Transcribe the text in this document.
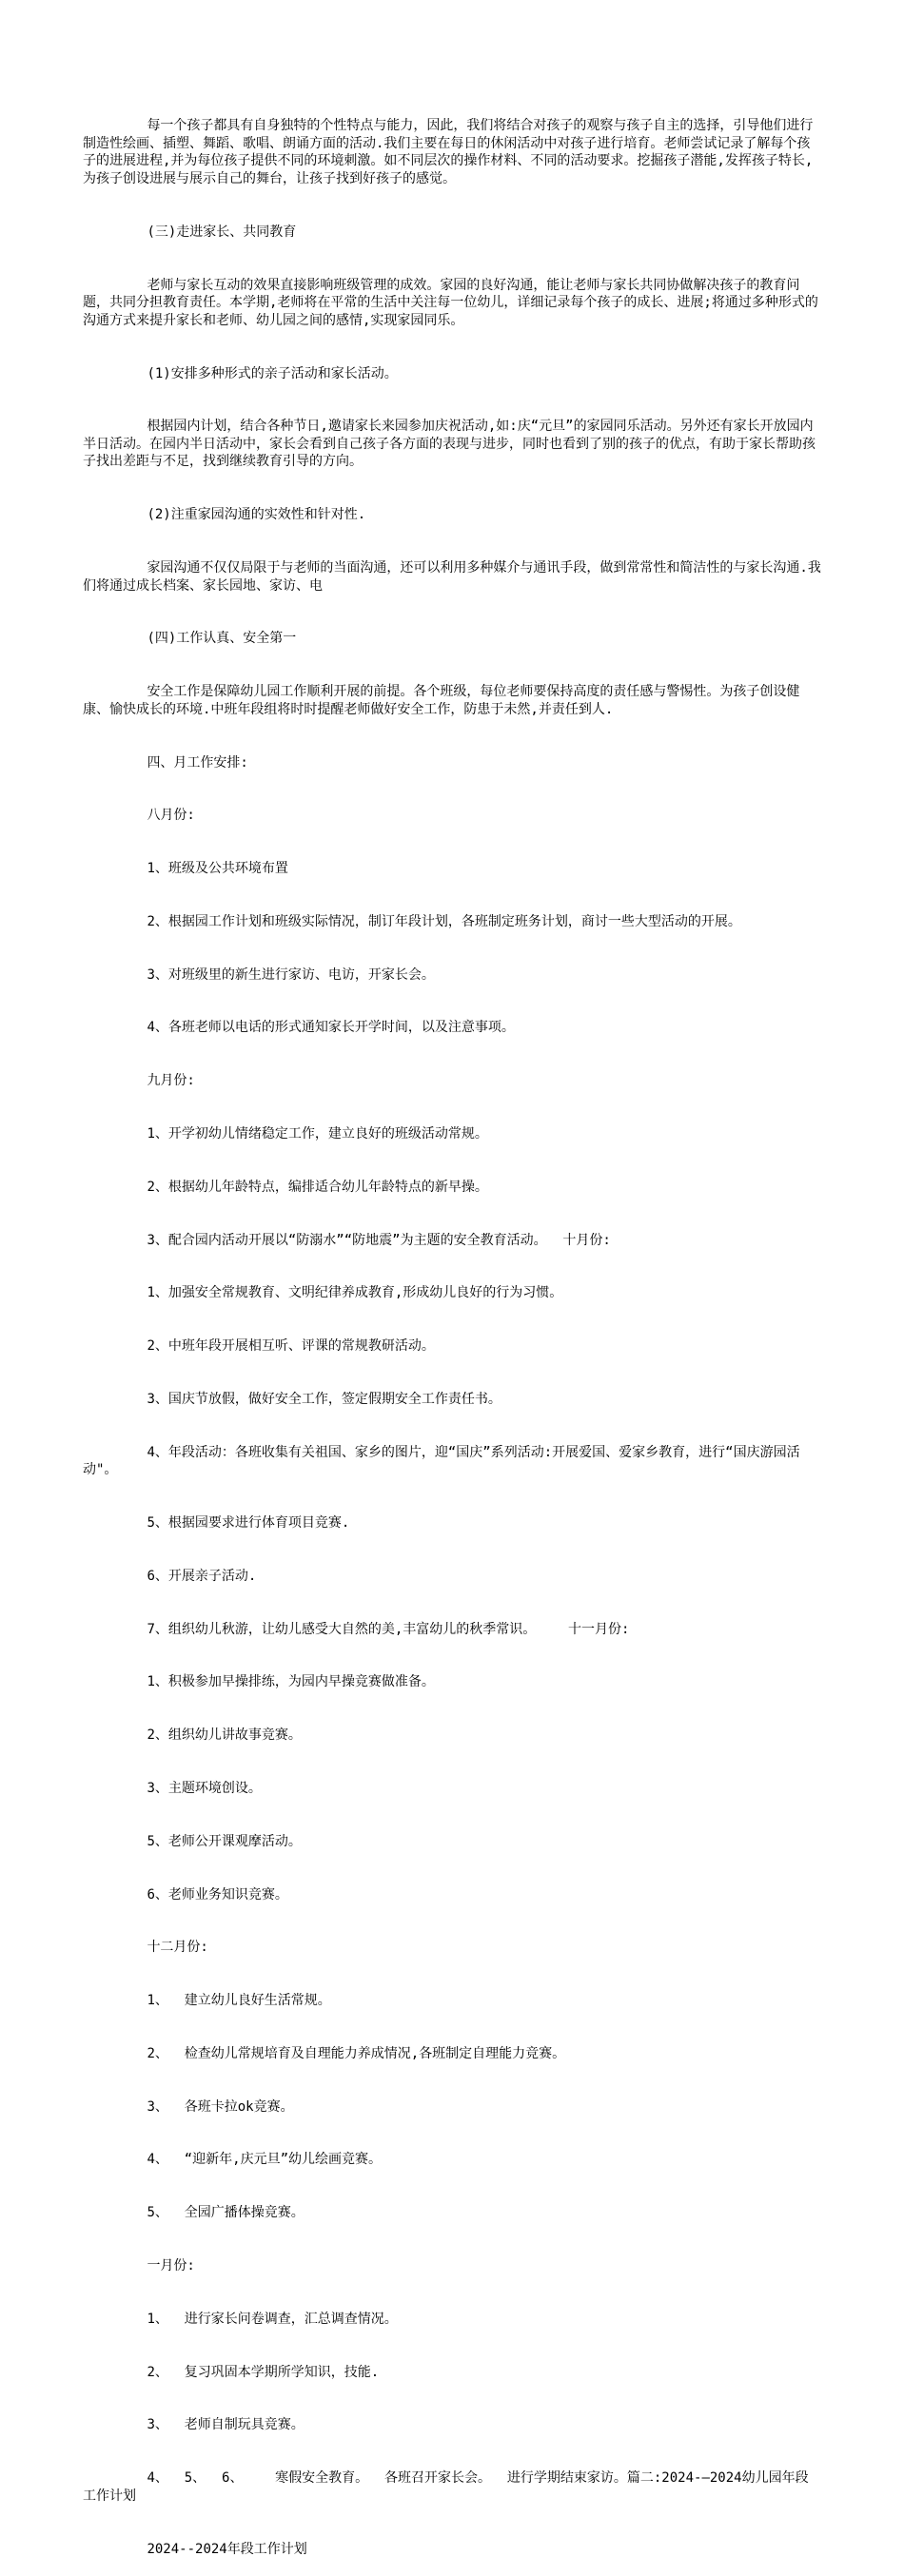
每一个孩子都具有自身独特的个性特点与能力，因此，我们将结合对孩子的观察与孩子自主的选择，引导他们进行制造性绘画、插塑、舞蹈、歌唱、朗诵方面的活动.我们主要在每日的休闲活动中对孩子进行培育。老师尝试记录了解每个孩子的进展进程,并为每位孩子提供不同的环境刺激。如不同层次的操作材料、不同的活动要求。挖掘孩子潜能,发挥孩子特长,为孩子创设进展与展示自己的舞台，让孩子找到好孩子的感觉。

(三)走进家长、共同教育

老师与家长互动的效果直接影响班级管理的成效。家园的良好沟通，能让老师与家长共同协做解决孩子的教育问题，共同分担教育责任。本学期,老师将在平常的生活中关注每一位幼儿，详细记录每个孩子的成长、进展;将通过多种形式的沟通方式来提升家长和老师、幼儿园之间的感情,实现家园同乐。

(1)安排多种形式的亲子活动和家长活动。

根据园内计划，结合各种节日,邀请家长来园参加庆祝活动,如:庆“元旦”的家园同乐活动。另外还有家长开放园内半日活动。在园内半日活动中，家长会看到自己孩子各方面的表现与进步，同时也看到了别的孩子的优点，有助于家长帮助孩子找出差距与不足，找到继续教育引导的方向。

(2)注重家园沟通的实效性和针对性.

家园沟通不仅仅局限于与老师的当面沟通，还可以利用多种媒介与通讯手段，做到常常性和简洁性的与家长沟通.我们将通过成长档案、家长园地、家访、电

(四)工作认真、安全第一

安全工作是保障幼儿园工作顺利开展的前提。各个班级，每位老师要保持高度的责任感与警惕性。为孩子创设健康、愉快成长的环境.中班年段组将时时提醒老师做好安全工作，防患于未然,并责任到人.

四、月工作安排:

八月份:

1、班级及公共环境布置

2、根据园工作计划和班级实际情况，制订年段计划，各班制定班务计划，商讨一些大型活动的开展。

3、对班级里的新生进行家访、电访，开家长会。

4、各班老师以电话的形式通知家长开学时间，以及注意事项。

九月份:

1、开学初幼儿情绪稳定工作，建立良好的班级活动常规。

2、根据幼儿年龄特点，编排适合幼儿年龄特点的新早操。

3、配合园内活动开展以“防溺水”“防地震”为主题的安全教育活动。  十月份:

1、加强安全常规教育、文明纪律养成教育,形成幼儿良好的行为习惯。

2、中班年段开展相互听、评课的常规教研活动。

3、国庆节放假，做好安全工作，签定假期安全工作责任书。

4、年段活动：各班收集有关祖国、家乡的图片，迎“国庆”系列活动:开展爱国、爱家乡教育，进行“国庆游园活动"。

5、根据园要求进行体育项目竞赛.

6、开展亲子活动.

7、组织幼儿秋游，让幼儿感受大自然的美,丰富幼儿的秋季常识。    十一月份:

1、积极参加早操排练，为园内早操竞赛做准备。

2、组织幼儿讲故事竞赛。

3、主题环境创设。

5、老师公开课观摩活动。

6、老师业务知识竞赛。

十二月份:

1、  建立幼儿良好生活常规。

2、  检查幼儿常规培育及自理能力养成情况,各班制定自理能力竞赛。

3、  各班卡拉ok竞赛。

4、  “迎新年,庆元旦”幼儿绘画竞赛。

5、  全园广播体操竞赛。

一月份:

1、  进行家长问卷调查，汇总调查情况。

2、  复习巩固本学期所学知识，技能.

3、  老师自制玩具竞赛。

4、  5、  6、    寒假安全教育。  各班召开家长会。  进行学期结束家访。篇二:2024-—2024幼儿园年段工作计划

2024--2024年段工作计划
